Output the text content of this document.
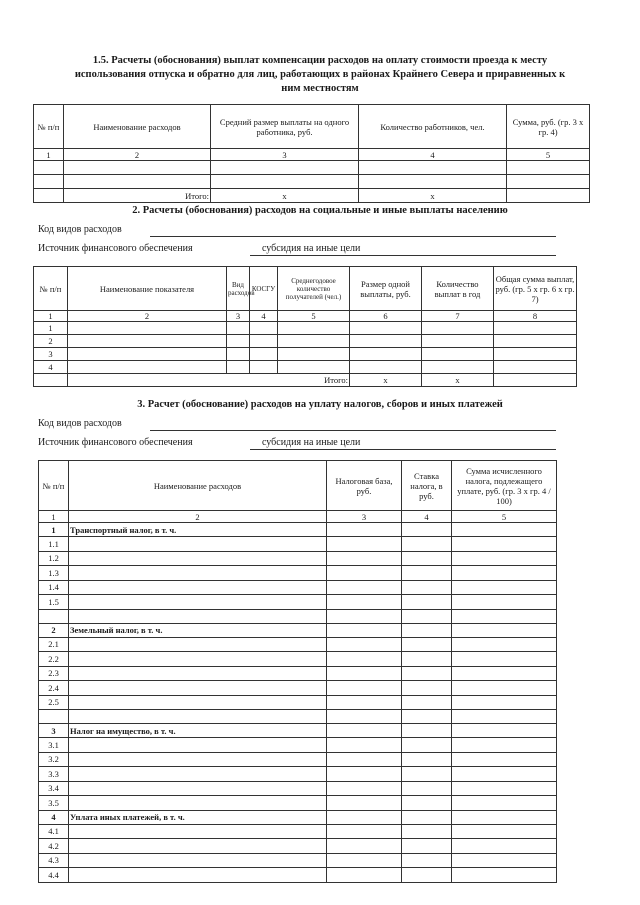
1.5. Расчеты (обоснования) выплат компенсации расходов на оплату стоимости проезда к месту
использования отпуска и обратно для лиц, работающих в районах Крайнего Севера и приравненных к
ним местностям
№ п/п	Наименование расходов	Средний размер выплаты на одного работника, руб.	Количество работников, чел.	Сумма, руб. (гр. 3 х гр. 4)
1	2	3	4	5

	Итого:	x	x	
2. Расчеты (обоснования) расходов на социальные и иные выплаты населению
Код видов расходов
Источник финансового обеспечения	субсидия на иные цели
№ п/п	Наименование показателя	Вид расходов	КОСГУ	Среднегодовое количество получателей (чел.)	Размер одной выплаты, руб.	Количество выплат в год	Общая сумма выплат, руб. (гр. 5 х гр. 6 х гр. 7)
1	2	3	4	5	6	7	8
1							
2							
3							
4							
	Итого:				x	x	
3. Расчет (обоснование) расходов на уплату налогов, сборов и иных платежей
Код видов расходов
Источник финансового обеспечения	субсидия на иные цели
№ п/п	Наименование расходов	Налоговая база, руб.	Ставка налога, в руб.	Сумма исчисленного налога, подлежащего уплате, руб. (гр. 3 х гр. 4 / 100)
1	2	3	4	5
1	Транспортный налог, в т. ч.			
1.1				
1.2				
1.3				
1.4				
1.5				

2	Земельный налог, в т. ч.			
2.1				
2.2				
2.3				
2.4				
2.5				

3	Налог на имущество, в т. ч.			
3.1				
3.2				
3.3				
3.4				
3.5				
4	Уплата иных платежей, в т. ч.			
4.1				
4.2				
4.3				
4.4				
